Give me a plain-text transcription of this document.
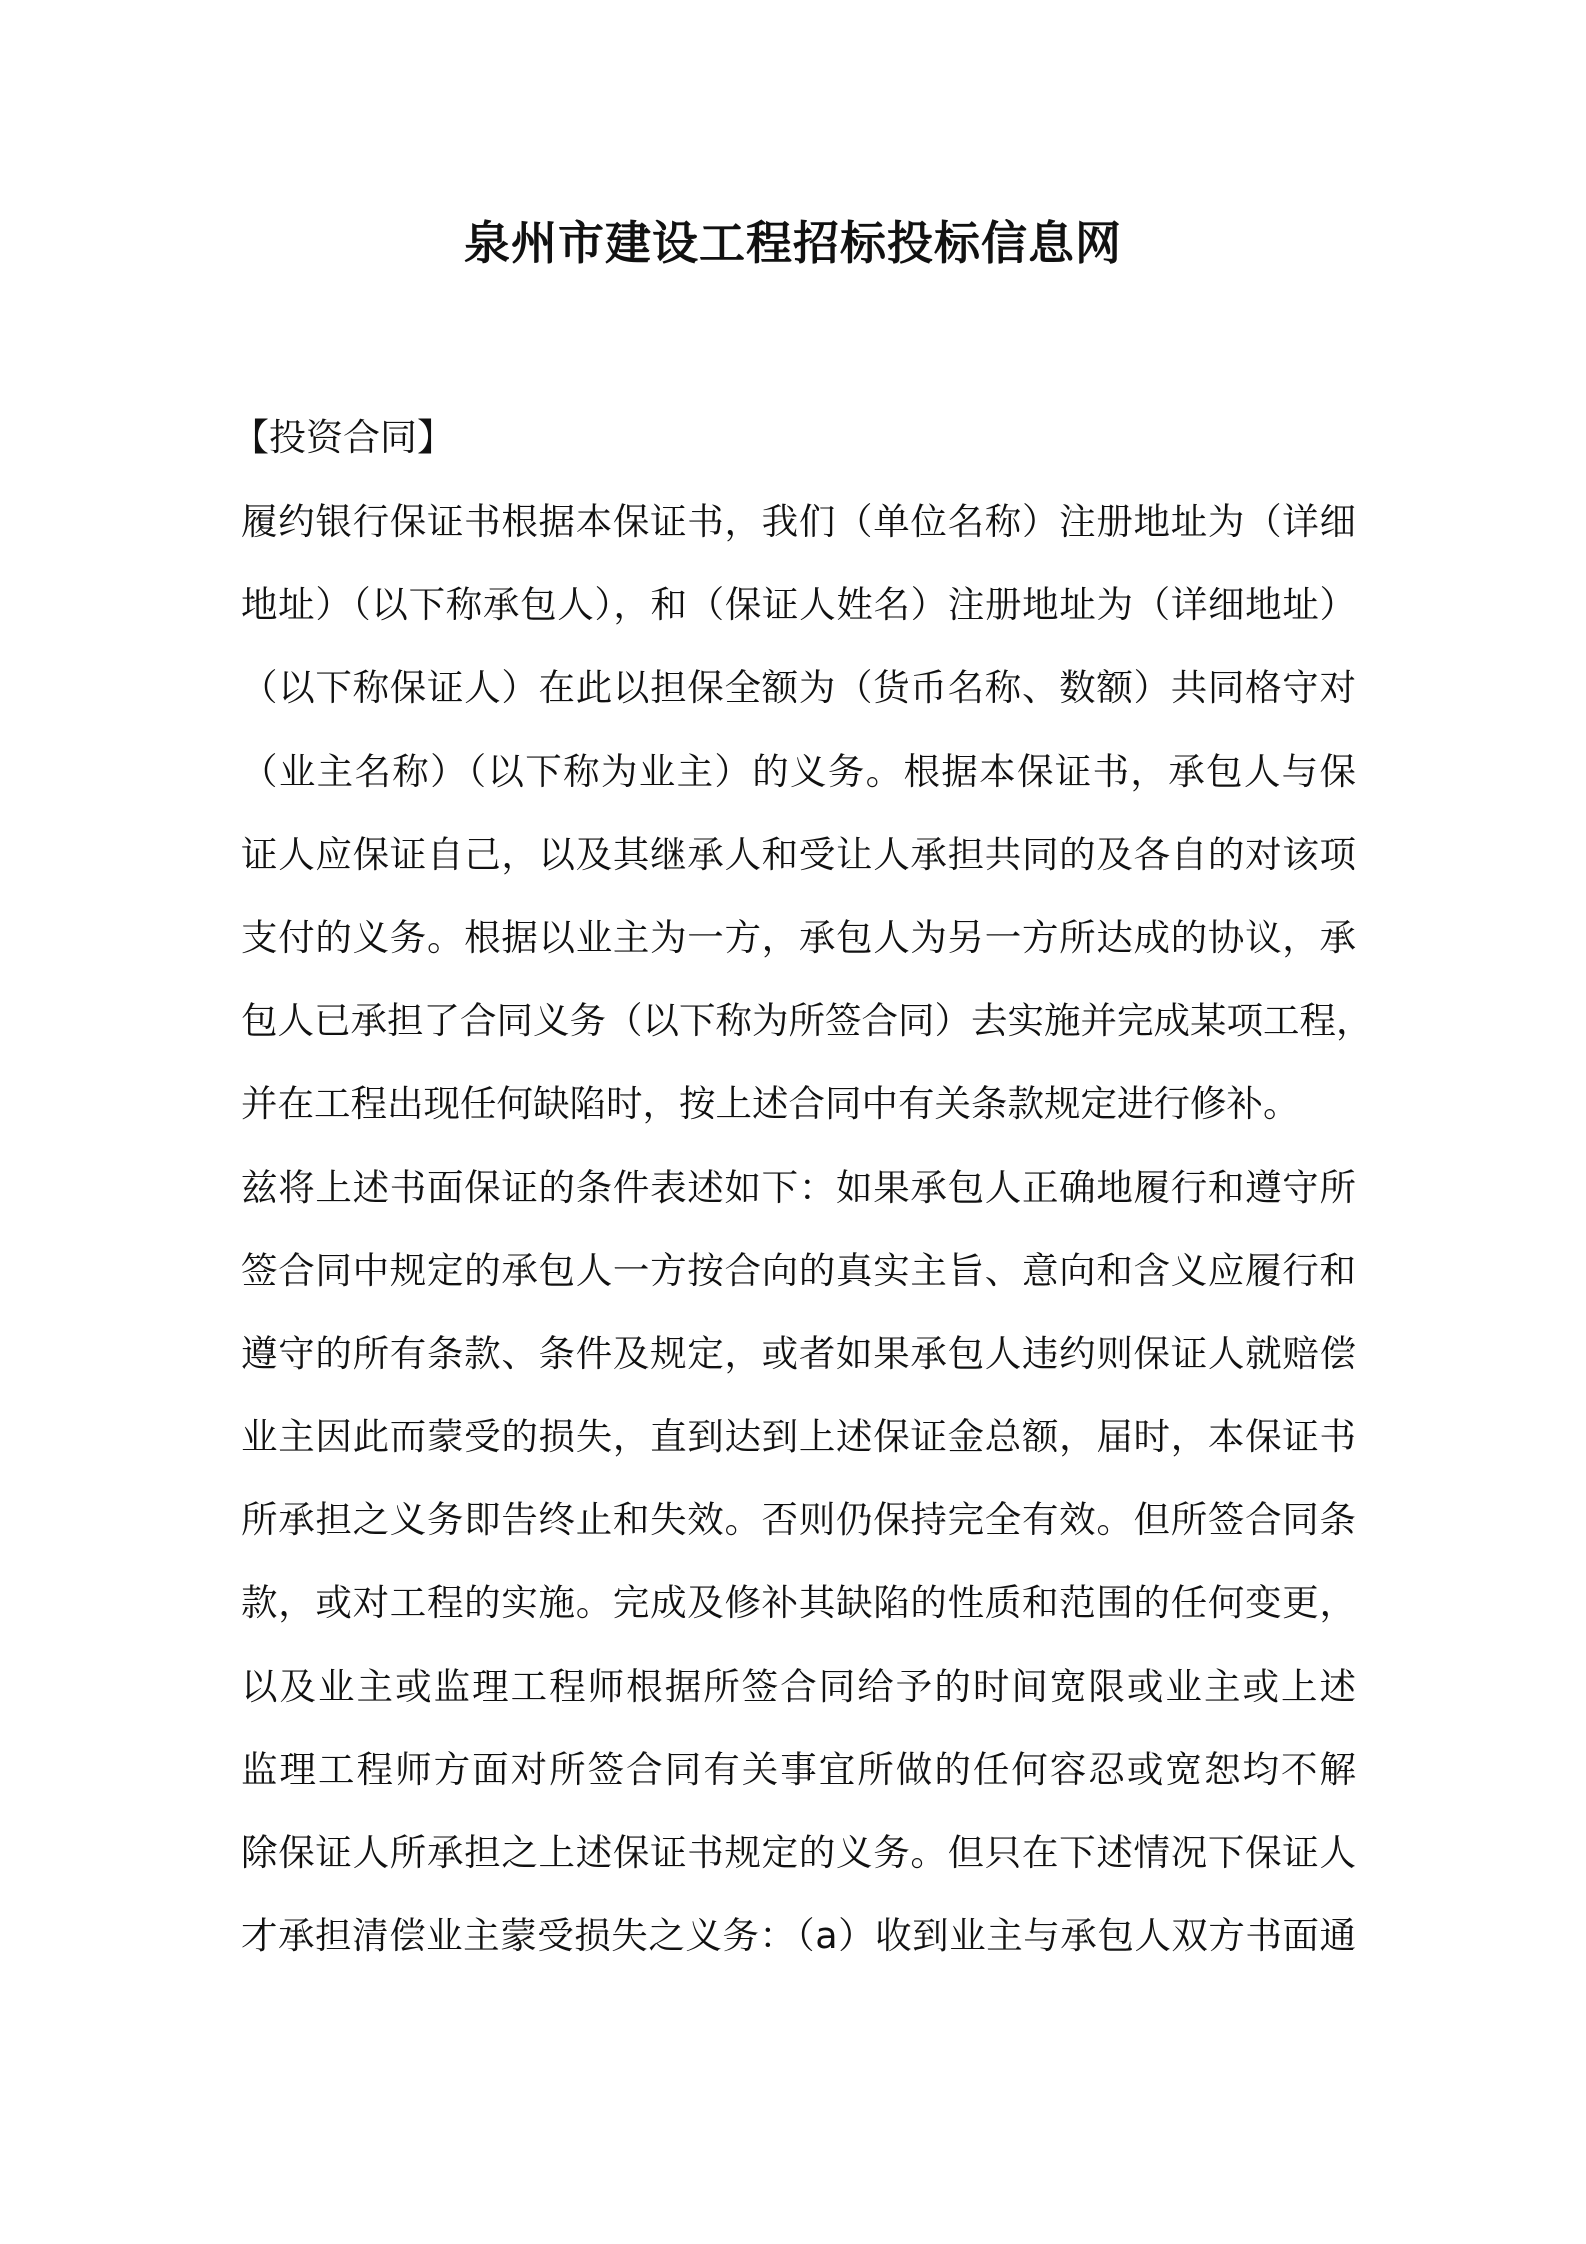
泉州市建设工程招标投标信息网
【投资合同】
履约银行保证书根据本保证书，我们（单位名称）注册地址为（详细
地址）（以下称承包人），和（保证人姓名）注册地址为（详细地址）
（以下称保证人）在此以担保全额为（货币名称、数额）共同格守对
（业主名称）（以下称为业主）的义务。根据本保证书，承包人与保
证人应保证自己，以及其继承人和受让人承担共同的及各自的对该项
支付的义务。根据以业主为一方，承包人为另一方所达成的协议，承
包人已承担了合同义务（以下称为所签合同）去实施并完成某项工程，
并在工程出现任何缺陷时，按上述合同中有关条款规定进行修补。
兹将上述书面保证的条件表述如下：如果承包人正确地履行和遵守所
签合同中规定的承包人一方按合向的真实主旨、意向和含义应履行和
遵守的所有条款、条件及规定，或者如果承包人违约则保证人就赔偿
业主因此而蒙受的损失，直到达到上述保证金总额，届时，本保证书
所承担之义务即告终止和失效。否则仍保持完全有效。但所签合同条
款，或对工程的实施。完成及修补其缺陷的性质和范围的任何变更，
以及业主或监理工程师根据所签合同给予的时间宽限或业主或上述
监理工程师方面对所签合同有关事宜所做的任何容忍或宽恕均不解
除保证人所承担之上述保证书规定的义务。但只在下述情况下保证人
才承担清偿业主蒙受损失之义务：（a）收到业主与承包人双方书面通
